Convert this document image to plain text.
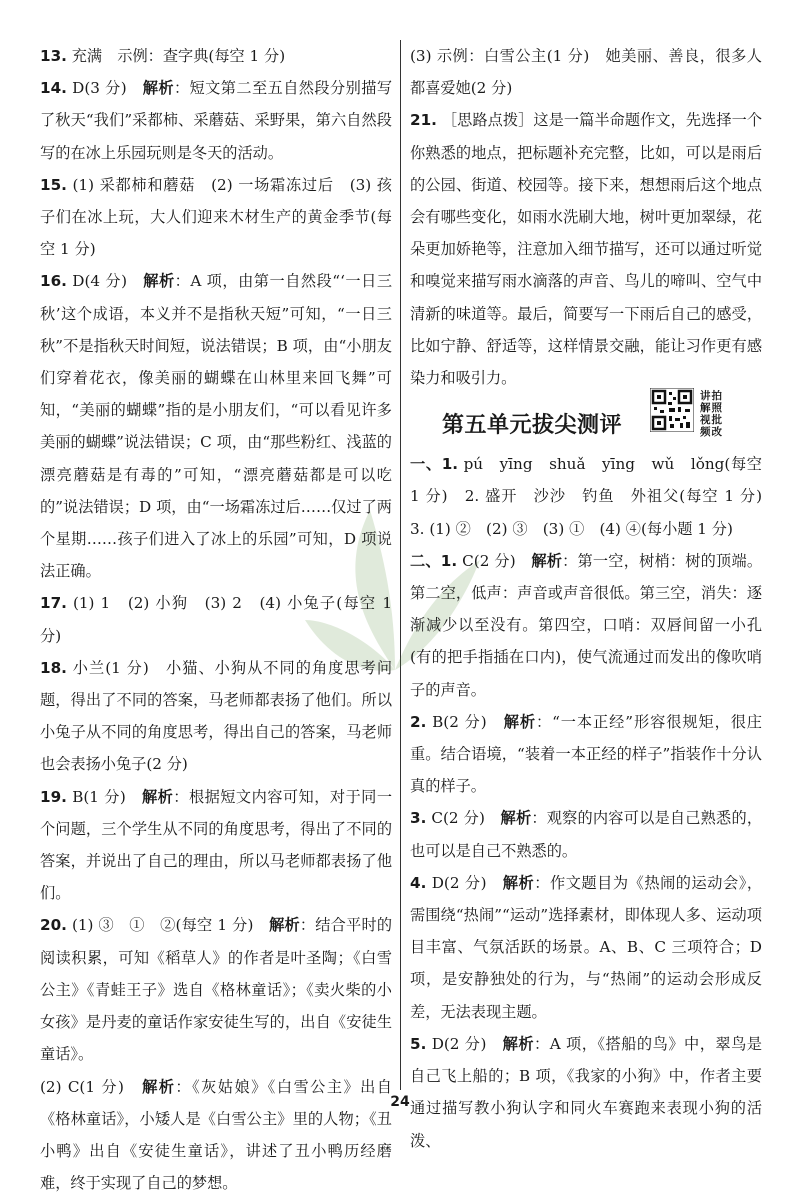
13. 充满　示例：查字典(每空 1 分)

14. D(3 分)　解析：短文第二至五自然段分别描写了秋天“我们”采都柿、采蘑菇、采野果，第六自然段写的在冰上乐园玩则是冬天的活动。

15. (1) 采都柿和蘑菇　(2) 一场霜冻过后　(3) 孩子们在冰上玩，大人们迎来木材生产的黄金季节(每空 1 分)

16. D(4 分)　解析：A 项，由第一自然段“‘一日三秋’这个成语，本义并不是指秋天短”可知，“一日三秋”不是指秋天时间短，说法错误；B 项，由“小朋友们穿着花衣，像美丽的蝴蝶在山林里来回飞舞”可知，“美丽的蝴蝶”指的是小朋友们，“可以看见许多美丽的蝴蝶”说法错误；C 项，由“那些粉红、浅蓝的漂亮蘑菇是有毒的”可知，“漂亮蘑菇都是可以吃的”说法错误；D 项，由“一场霜冻过后……仅过了两个星期……孩子们进入了冰上的乐园”可知，D 项说法正确。

17. (1) 1　(2) 小狗　(3) 2　(4) 小兔子(每空 1 分)

18. 小兰(1 分)　小猫、小狗从不同的角度思考问题，得出了不同的答案，马老师都表扬了他们。所以小兔子从不同的角度思考，得出自己的答案，马老师也会表扬小兔子(2 分)

19. B(1 分)　解析：根据短文内容可知，对于同一个问题，三个学生从不同的角度思考，得出了不同的答案，并说出了自己的理由，所以马老师都表扬了他们。

20. (1) ③　①　②(每空 1 分)　解析：结合平时的阅读积累，可知《稻草人》的作者是叶圣陶；《白雪公主》《青蛙王子》选自《格林童话》；《卖火柴的小女孩》是丹麦的童话作家安徒生写的，出自《安徒生童话》。

(2) C(1 分)　解析：《灰姑娘》《白雪公主》出自《格林童话》，小矮人是《白雪公主》里的人物；《丑小鸭》出自《安徒生童话》，讲述了丑小鸭历经磨难，终于实现了自己的梦想。

(3) 示例：白雪公主(1 分)　她美丽、善良，很多人都喜爱她(2 分)

21. ［思路点拨］这是一篇半命题作文，先选择一个你熟悉的地点，把标题补充完整，比如，可以是雨后的公园、街道、校园等。接下来，想想雨后这个地点会有哪些变化，如雨水洗刷大地，树叶更加翠绿，花朵更加娇艳等，注意加入细节描写，还可以通过听觉和嗅觉来描写雨水滴落的声音、鸟儿的啼叫、空气中清新的味道等。最后，简要写一下雨后自己的感受，比如宁静、舒适等，这样情景交融，能让习作更有感染力和吸引力。

第五单元拔尖测评
讲拍解照视批频改

一、1. pú　yīng　shuǎ　yīng　wǔ　lǒng(每空 1 分)　2. 盛开　沙沙　钓鱼　外祖父(每空 1 分)　3. (1) ②　(2) ③　(3) ①　(4) ④(每小题 1 分)

二、1. C(2 分)　解析：第一空，树梢：树的顶端。第二空，低声：声音或声音很低。第三空，消失：逐渐减少以至没有。第四空，口哨：双唇间留一小孔(有的把手指插在口内)，使气流通过而发出的像吹哨子的声音。

2. B(2 分)　解析：“一本正经”形容很规矩，很庄重。结合语境，“装着一本正经的样子”指装作十分认真的样子。

3. C(2 分)　解析：观察的内容可以是自己熟悉的，也可以是自己不熟悉的。

4. D(2 分)　解析：作文题目为《热闹的运动会》，需围绕“热闹”“运动”选择素材，即体现人多、运动项目丰富、气氛活跃的场景。A、B、C 三项符合；D 项，是安静独处的行为，与“热闹”的运动会形成反差，无法表现主题。

5. D(2 分)　解析：A 项，《搭船的鸟》中，翠鸟是自己飞上船的；B 项，《我家的小狗》中，作者主要通过描写教小狗认字和同火车赛跑来表现小狗的活泼、

24
